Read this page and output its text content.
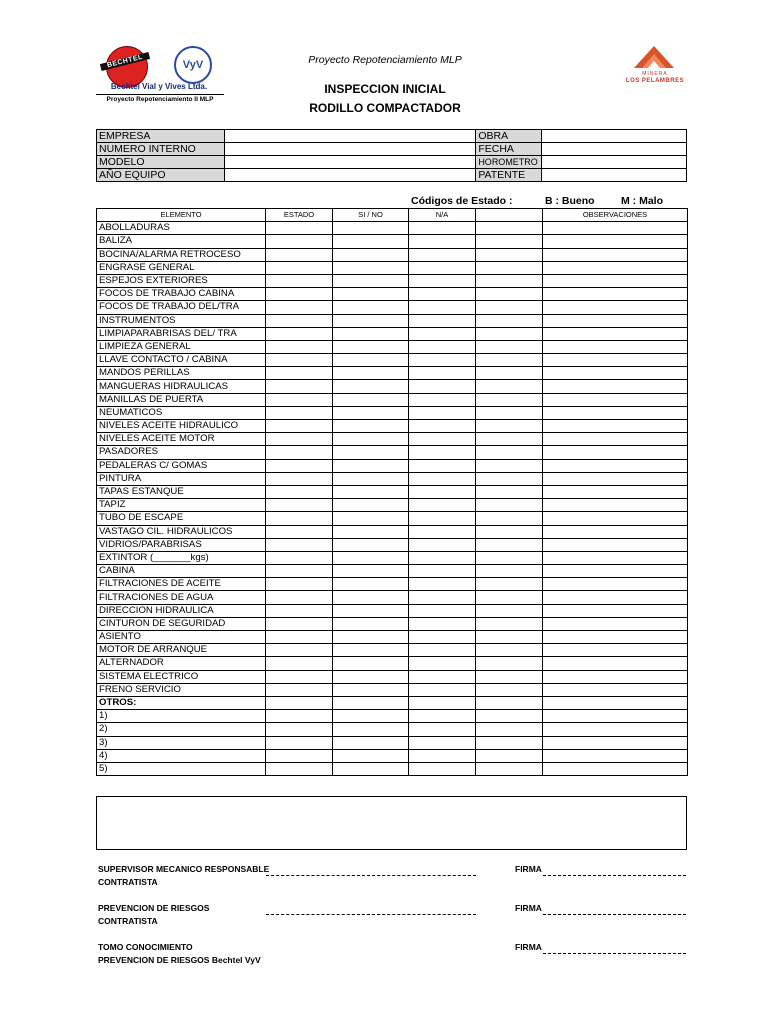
BECHTEL	VyV
Bechtel Vial y Vives Ltda.
Proyecto Repotenciamiento II MLP
MINERA
LOS PELAMBRES
Proyecto Repotenciamiento MLP
INSPECCION INICIAL
RODILLO COMPACTADOR
EMPRESA		OBRA	
NUMERO INTERNO		FECHA	
MODELO		HOROMETRO	
AÑO EQUIPO		PATENTE	
Códigos de Estado :	B : Bueno	M : Malo
ELEMENTO	ESTADO	SI / NO	N/A		OBSERVACIONES
ABOLLADURAS					
BALIZA					
BOCINA/ALARMA RETROCESO					
ENGRASE GENERAL					
ESPEJOS EXTERIORES					
FOCOS DE TRABAJO CABINA					
FOCOS DE TRABAJO DEL/TRA					
INSTRUMENTOS					
LIMPIAPARABRISAS DEL/ TRA					
LIMPIEZA GENERAL					
LLAVE CONTACTO / CABINA					
MANDOS PERILLAS					
MANGUERAS HIDRAULICAS					
MANILLAS DE PUERTA					
NEUMATICOS					
NIVELES ACEITE HIDRAULICO					
NIVELES ACEITE MOTOR					
PASADORES					
PEDALERAS C/ GOMAS					
PINTURA					
TAPAS ESTANQUE					
TAPIZ					
TUBO DE ESCAPE					
VASTAGO CIL. HIDRAULICOS					
VIDRIOS/PARABRISAS					
EXTINTOR (_______kgs)					
CABINA					
FILTRACIONES DE ACEITE					
FILTRACIONES DE AGUA					
DIRECCION HIDRAULICA					
CINTURON DE SEGURIDAD					
ASIENTO					
MOTOR DE ARRANQUE					
ALTERNADOR					
SISTEMA ELECTRICO					
FRENO SERVICIO					
OTROS:					
1)					
2)					
3)					
4)					
5)					
SUPERVISOR MECANICO RESPONSABLE
CONTRATISTA
FIRMA
PREVENCION DE RIESGOS
CONTRATISTA
FIRMA
TOMO CONOCIMIENTO
PREVENCION DE RIESGOS Bechtel VyV
FIRMA
